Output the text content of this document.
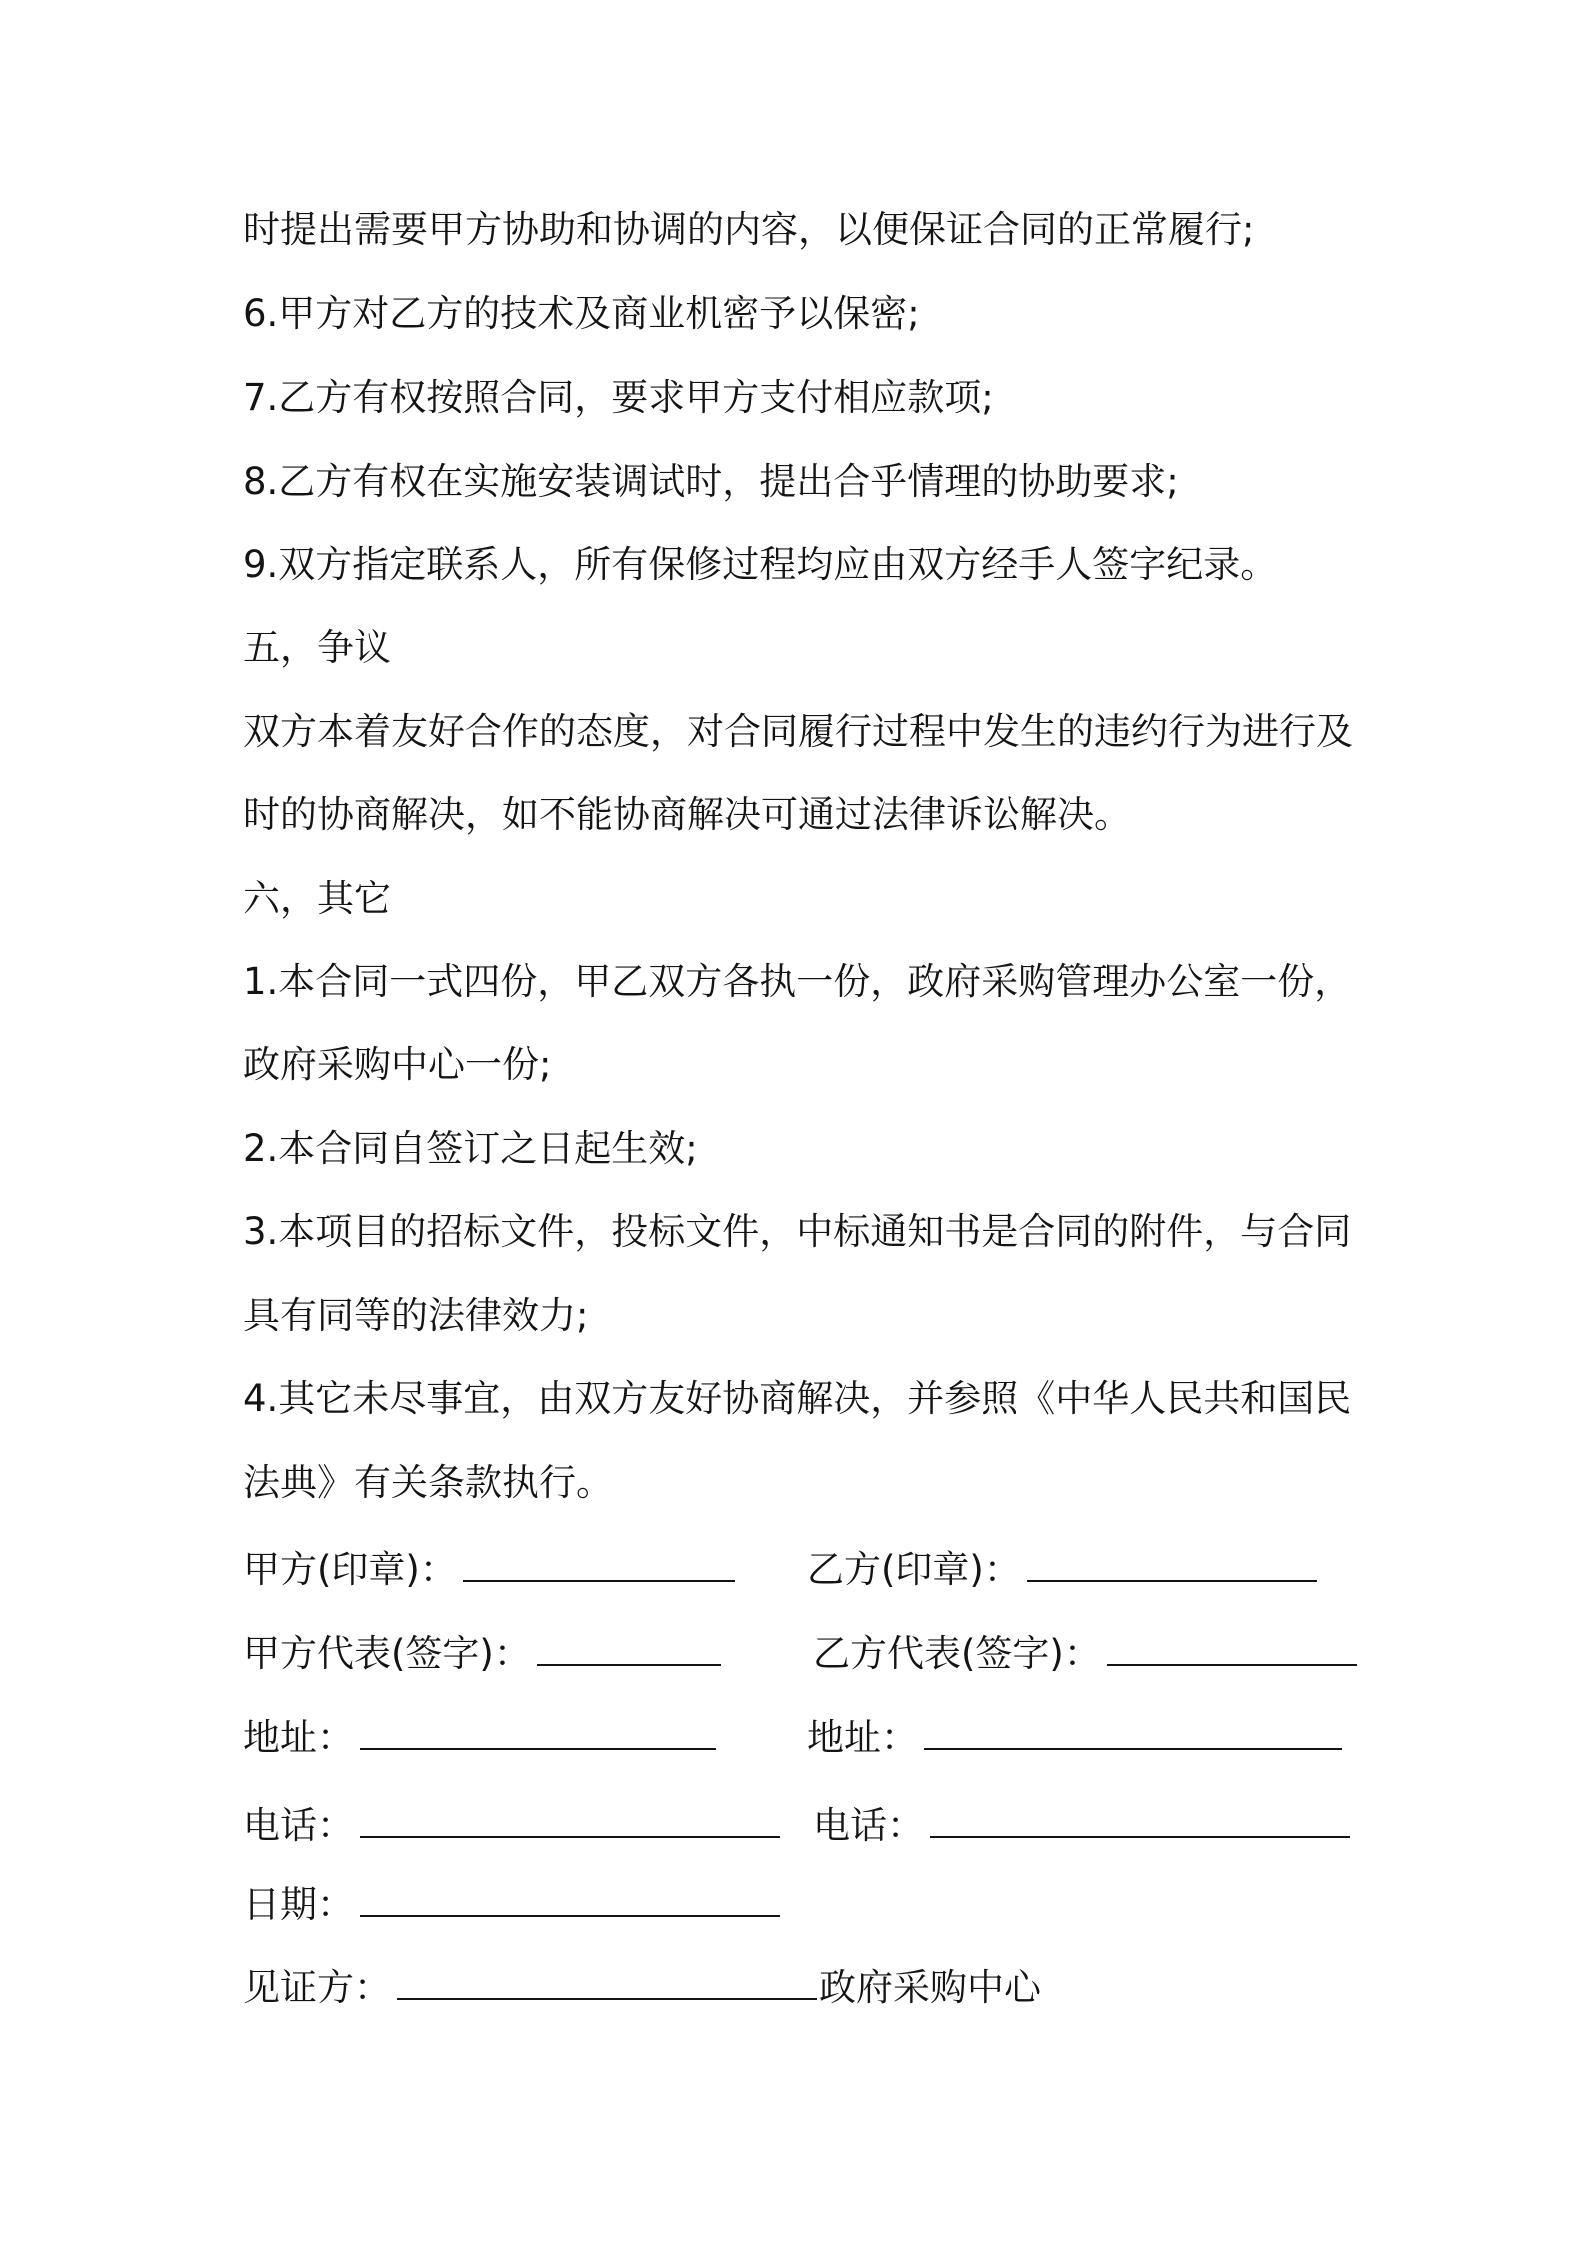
时提出需要甲方协助和协调的内容，以便保证合同的正常履行;
6.甲方对乙方的技术及商业机密予以保密;
7.乙方有权按照合同，要求甲方支付相应款项;
8.乙方有权在实施安装调试时，提出合乎情理的协助要求;
9.双方指定联系人，所有保修过程均应由双方经手人签字纪录。
五，争议
双方本着友好合作的态度，对合同履行过程中发生的违约行为进行及
时的协商解决，如不能协商解决可通过法律诉讼解决。
六，其它
1.本合同一式四份，甲乙双方各执一份，政府采购管理办公室一份，
政府采购中心一份;
2.本合同自签订之日起生效;
3.本项目的招标文件，投标文件，中标通知书是合同的附件，与合同
具有同等的法律效力;
4.其它未尽事宜，由双方友好协商解决，并参照《中华人民共和国民
法典》有关条款执行。
甲方(印章)：	乙方(印章)：
甲方代表(签字)：	乙方代表(签字)：
地址：	地址：
电话：	电话：
日期：
见证方：	政府采购中心
